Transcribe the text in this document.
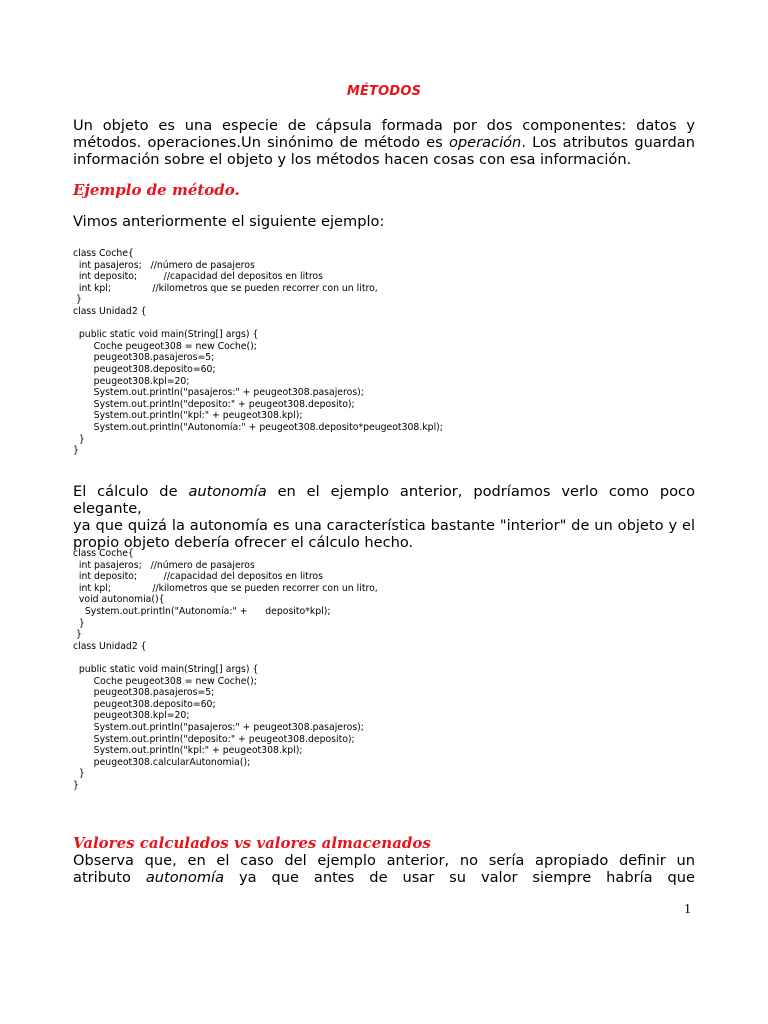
MÉTODOS
Un objeto es una especie de cápsula formada por dos componentes: datos y
métodos. operaciones.Un sinónimo de método es operación. Los atributos guardan
información sobre el objeto y los métodos hacen cosas con esa información.
Ejemplo de método.
Vimos anteriormente el siguiente ejemplo:
class Coche{
int pasajeros;   //número de pasajeros
int deposito;         //capacidad del depositos en litros
int kpl;              //kilometros que se pueden recorrer con un litro,
}
class Unidad2 {
public static void main(String[] args) {
Coche peugeot308 = new Coche();
peugeot308.pasajeros=5;
peugeot308.deposito=60;
peugeot308.kpl=20;
System.out.println("pasajeros:" + peugeot308.pasajeros);
System.out.println("deposito:" + peugeot308.deposito);
System.out.println("kpl:" + peugeot308.kpl);
System.out.println("Autonomía:" + peugeot308.deposito*peugeot308.kpl);
}
}
El cálculo de autonomía en el ejemplo anterior, podríamos verlo como poco elegante,
ya que quizá la autonomía es una característica bastante "interior" de un objeto y el
propio objeto debería ofrecer el cálculo hecho.
class Coche{
int pasajeros;   //número de pasajeros
int deposito;         //capacidad del depositos en litros
int kpl;              //kilometros que se pueden recorrer con un litro,
void autonomia(){
System.out.println("Autonomía:" +      deposito*kpl);
}
}
class Unidad2 {
public static void main(String[] args) {
Coche peugeot308 = new Coche();
peugeot308.pasajeros=5;
peugeot308.deposito=60;
peugeot308.kpl=20;
System.out.println("pasajeros:" + peugeot308.pasajeros);
System.out.println("deposito:" + peugeot308.deposito);
System.out.println("kpl:" + peugeot308.kpl);
peugeot308.calcularAutonomia();
}
}
Valores calculados vs valores almacenados
Observa que, en el caso del ejemplo anterior, no sería apropiado definir un
atributo autonomía ya que antes de usar su valor siempre habría que
1
